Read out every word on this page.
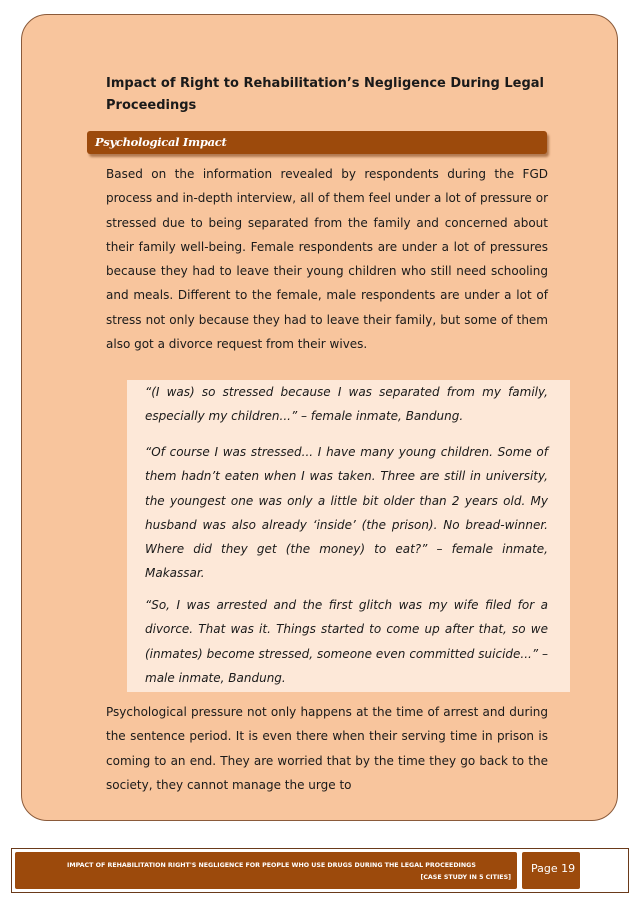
Impact of Right to Rehabilitation’s Negligence During Legal
Proceedings
Psychological Impact
Based on the information revealed by respondents during the FGD process and in-depth interview, all of them feel under a lot of pressure or stressed due to being separated from the family and concerned about their family well-being. Female respondents are under a lot of pressures because they had to leave their young children who still need schooling and meals. Different to the female, male respondents are under a lot of stress not only because they had to leave their family, but some of them also got a divorce request from their wives.
“(I was) so stressed because I was separated from my family, especially my children...” – female inmate, Bandung.
“Of course I was stressed... I have many young children. Some of them hadn’t eaten when I was taken. Three are still in university, the youngest one was only a little bit older than 2 years old. My husband was also already ‘inside’ (the prison). No bread-winner. Where did they get (the money) to eat?” – female inmate, Makassar.
“So, I was arrested and the first glitch was my wife filed for a divorce. That was it. Things started to come up after that, so we (inmates) become stressed, someone even committed suicide...” – male inmate, Bandung.
Psychological pressure not only happens at the time of arrest and during the sentence period. It is even there when their serving time in prison is coming to an end. They are worried that by the time they go back to the society, they cannot manage the urge to
IMPACT OF REHABILITATION RIGHT'S NEGLIGENCE FOR PEOPLE WHO USE DRUGS DURING THE LEGAL PROCEEDINGS
[CASE STUDY IN 5 CITIES]
Page 19
